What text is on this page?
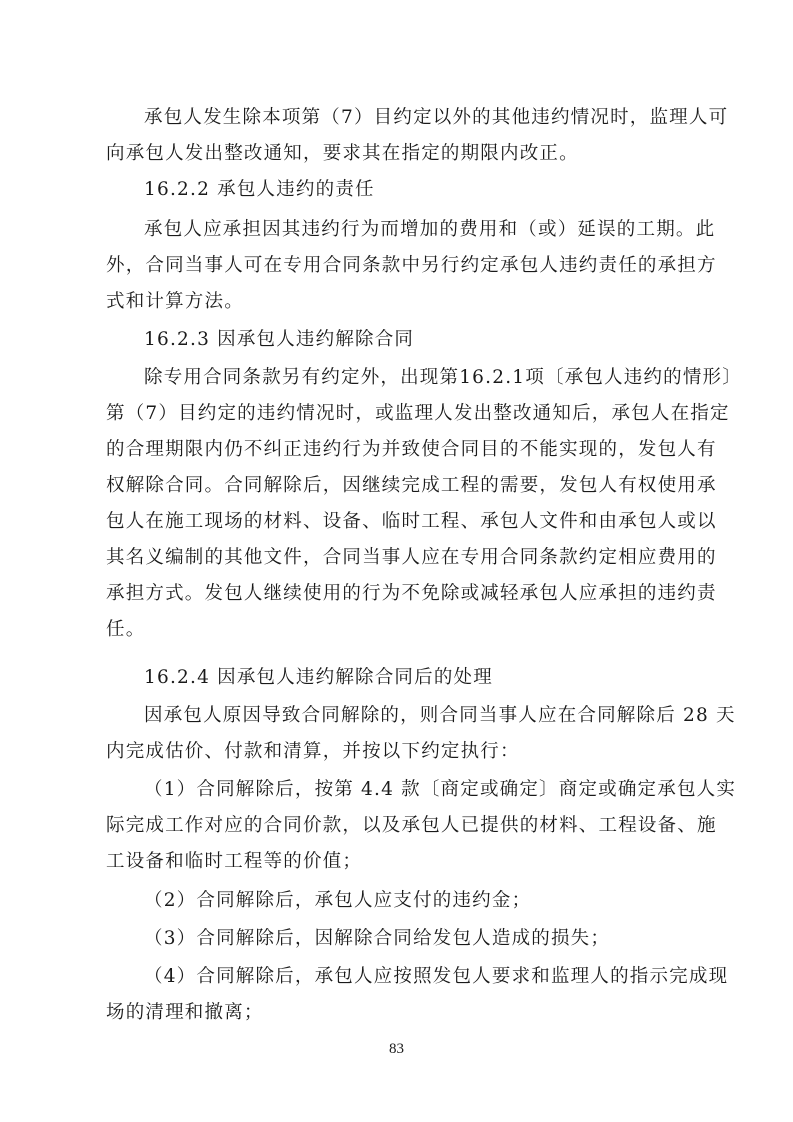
承包人发生除本项第（7）目约定以外的其他违约情况时，监理人可
向承包人发出整改通知，要求其在指定的期限内改正。
16.2.2 承包人违约的责任
承包人应承担因其违约行为而增加的费用和（或）延误的工期。此
外，合同当事人可在专用合同条款中另行约定承包人违约责任的承担方
式和计算方法。
16.2.3 因承包人违约解除合同
除专用合同条款另有约定外，出现第16.2.1项〔承包人违约的情形〕
第（7）目约定的违约情况时，或监理人发出整改通知后，承包人在指定
的合理期限内仍不纠正违约行为并致使合同目的不能实现的，发包人有
权解除合同。合同解除后，因继续完成工程的需要，发包人有权使用承
包人在施工现场的材料、设备、临时工程、承包人文件和由承包人或以
其名义编制的其他文件，合同当事人应在专用合同条款约定相应费用的
承担方式。发包人继续使用的行为不免除或减轻承包人应承担的违约责
任。
16.2.4 因承包人违约解除合同后的处理
因承包人原因导致合同解除的，则合同当事人应在合同解除后 28 天
内完成估价、付款和清算，并按以下约定执行：
（1）合同解除后，按第 4.4 款〔商定或确定〕商定或确定承包人实
际完成工作对应的合同价款，以及承包人已提供的材料、工程设备、施
工设备和临时工程等的价值；
（2）合同解除后，承包人应支付的违约金；
（3）合同解除后，因解除合同给发包人造成的损失；
（4）合同解除后，承包人应按照发包人要求和监理人的指示完成现
场的清理和撤离；
83
